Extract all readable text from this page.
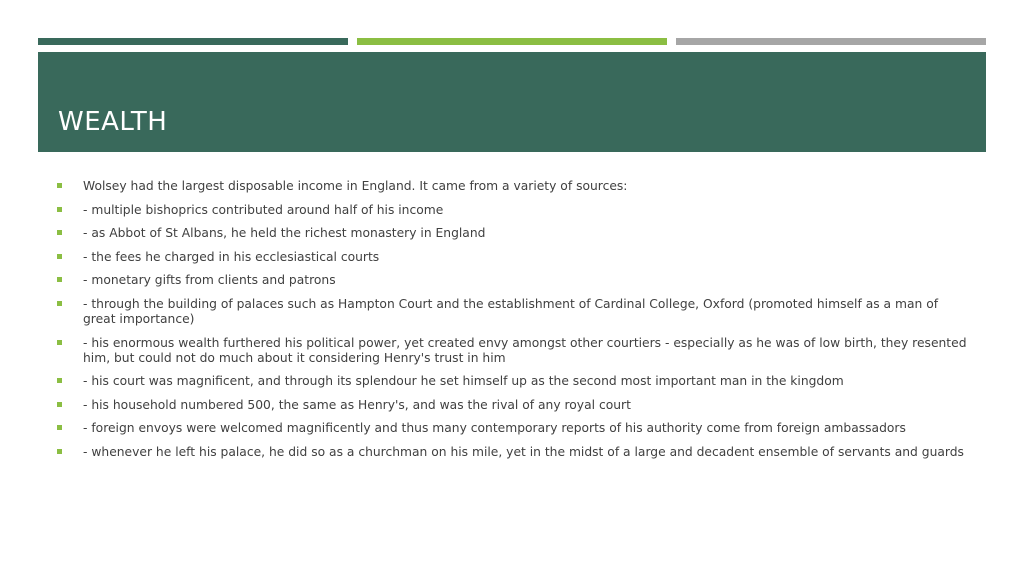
WEALTH
Wolsey had the largest disposable income in England. It came from a variety of sources:
- multiple bishoprics contributed around half of his income
- as Abbot of St Albans, he held the richest monastery in England
- the fees he charged in his ecclesiastical courts
- monetary gifts from clients and patrons
- through the building of palaces such as Hampton Court and the establishment of Cardinal College, Oxford (promoted himself as a man of great importance)
- his enormous wealth furthered his political power, yet created envy amongst other courtiers - especially as he was of low birth, they resented him, but could not do much about it considering Henry's trust in him
- his court was magnificent, and through its splendour he set himself up as the second most important man in the kingdom
- his household numbered 500, the same as Henry's, and was the rival of any royal court
- foreign envoys were welcomed magnificently and thus many contemporary reports of his authority come from foreign ambassadors
- whenever he left his palace, he did so as a churchman on his mile, yet in the midst of a large and decadent ensemble of servants and guards
